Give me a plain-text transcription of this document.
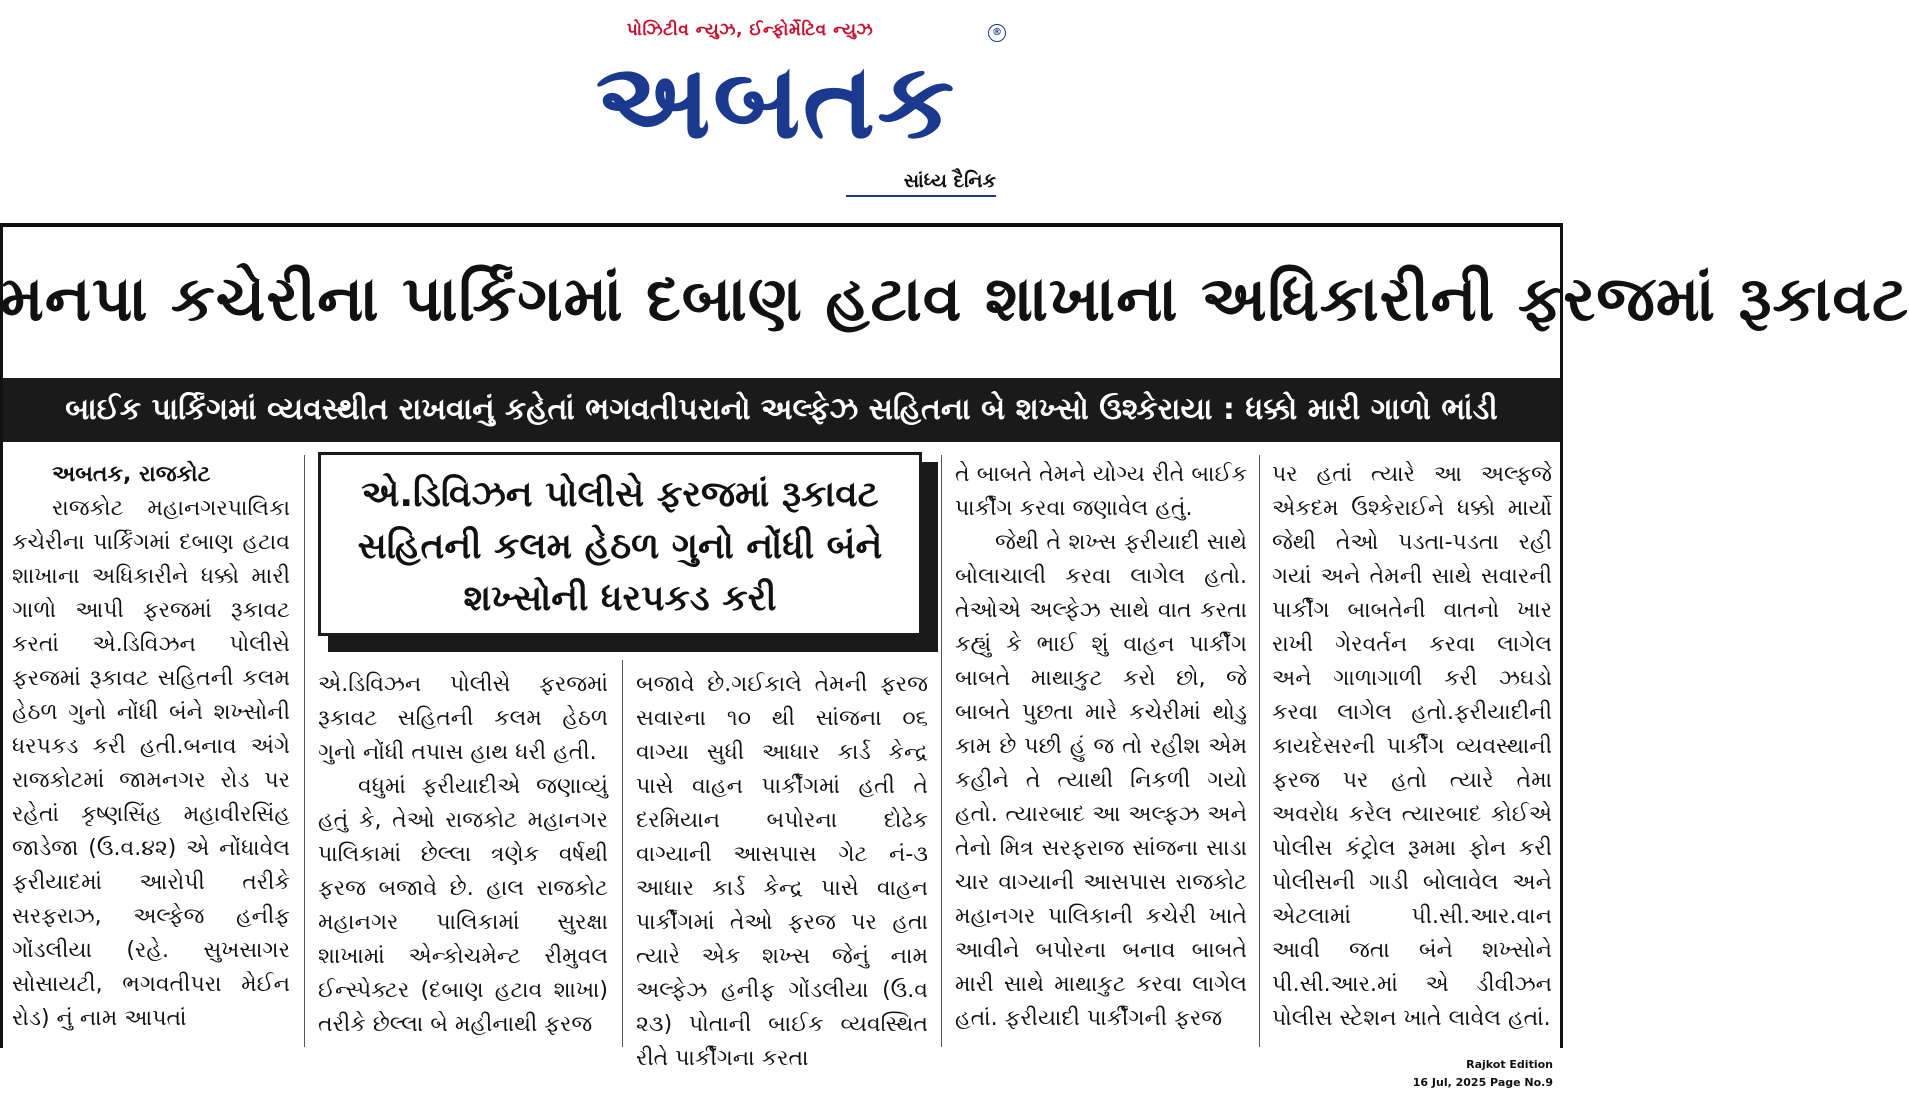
પોઝિટીવ ન્યુઝ, ઈન્ફોર્મેટિવ ન્યુઝ
અબતક
®
સાંધ્ય દૈનિક
મનપા કચેરીના પાર્કિંગમાં દબાણ હટાવ શાખાના અધિકારીની ફરજમાં રૂકાવટ
બાઈક પાર્કિંગમાં વ્યવસ્થીત રાખવાનું કહેતાં ભગવતીપરાનો અલ્ફેઝ સહિતના બે શખ્સો ઉશ્કેરાયા : ધક્કો મારી ગાળો ભાંડી
અબતક, રાજકોટ

રાજકોટ મહાનગરપાલિકા કચેરીના પાર્કિંગમાં દબાણ હટાવ શાખાના અધિકારીને ધક્કો મારી ગાળો આપી ફરજમાં રૂકાવટ કરતાં એ.ડિવિઝન પોલીસે ફરજમાં રૂકાવટ સહિતની કલમ હેઠળ ગુનો નોંધી બંને શખ્સોની ધરપકડ કરી હતી.બનાવ અંગે રાજકોટમાં જામનગર રોડ પર રહેતાં કૃષ્ણસિંહ મહાવીરસિંહ જાડેજા (ઉ.વ.૪૨) એ નોંધાવેલ ફરીયાદમાં આરોપી તરીકે સરફરાઝ, અલ્ફેજ હનીફ ગોંડલીયા (રહે. સુખસાગર સોસાયટી, ભગવતીપરા મેઈન રોડ) નું નામ આપતાં

એ.ડિવિઝન પોલીસે ફરજમાં રૂકાવટ સહિતની કલમ હેઠળ ગુનો નોંધી બંને શખ્સોની ધરપકડ કરી

એ.ડિવિઝન પોલીસે ફરજમાં રૂકાવટ સહિતની કલમ હેઠળ ગુનો નોંધી તપાસ હાથ ધરી હતી.

વધુમાં ફરીયાદીએ જણાવ્યું હતું કે, તેઓ રાજકોટ મહાનગર પાલિકામાં છેલ્લા ત્રણેક વર્ષથી ફરજ બજાવે છે. હાલ રાજકોટ મહાનગર પાલિકામાં સુરક્ષા શાખામાં એન્કોચમેન્ટ રીમુવલ ઈન્સ્પેક્ટર (દબાણ હટાવ શાખા) તરીકે છેલ્લા બે મહીનાથી ફરજ

બજાવે છે.ગઈકાલે તેમની ફરજ સવારના ૧૦ થી સાંજના ૦૬ વાગ્યા સુધી આધાર કાર્ડ કેન્દ્ર પાસે વાહન પાર્કીંગમાં હતી તે દરમિયાન બપોરના દોઢેક વાગ્યાની આસપાસ ગેટ નં-૩ આધાર કાર્ડ કેન્દ્ર પાસે વાહન પાર્કીંગમાં તેઓ ફરજ પર હતા ત્યારે એક શખ્સ જેનું નામ અલ્ફેઝ હનીફ ગોંડલીયા (ઉ.વ ૨૩) પોતાની બાઈક વ્યવસ્થિત રીતે પાર્કીંગના કરતા

તે બાબતે તેમને યોગ્ય રીતે બાઈક પાર્કીંગ કરવા જણાવેલ હતું.

જેથી તે શખ્સ ફરીયાદી સાથે બોલાચાલી કરવા લાગેલ હતો. તેઓએ અલ્ફેઝ સાથે વાત કરતા કહ્યું કે ભાઈ શું વાહન પાર્કીંગ બાબતે માથાકુટ કરો છો, જે બાબતે પુછતા મારે કચેરીમાં થોડુ કામ છે પછી હું જ તો રહીશ એમ કહીને તે ત્યાથી નિકળી ગયો હતો. ત્યારબાદ આ અલ્ફઝ અને તેનો મિત્ર સરફરાજ સાંજના સાડા ચાર વાગ્યાની આસપાસ રાજકોટ મહાનગર પાલિકાની કચેરી ખાતે આવીને બપોરના બનાવ બાબતે મારી સાથે માથાકુટ કરવા લાગેલ હતાં. ફરીયાદી પાર્કીંગની ફરજ

પર હતાં ત્યારે આ અલ્ફજે એકદમ ઉશ્કેરાઈને ધક્કો માર્યો જેથી તેઓ પડતા-પડતા રહી ગયાં અને તેમની સાથે સવારની પાર્કીંગ બાબતેની વાતનો ખાર રાખી ગેરવર્તન કરવા લાગેલ અને ગાળાગાળી કરી ઝઘડો કરવા લાગેલ હતો.ફરીયાદીની કાયદેસરની પાર્કીંગ વ્યવસ્થાની ફરજ પર હતો ત્યારે તેમા અવરોધ કરેલ ત્યારબાદ કોઈએ પોલીસ કંટ્રોલ રૂમમા ફોન કરી પોલીસની ગાડી બોલાવેલ અને એટલામાં પી.સી.આર.વાન આવી જતા બંને શખ્સોને પી.સી.આર.માં એ ડીવીઝન પોલીસ સ્ટેશન ખાતે લાવેલ હતાં.

Rajkot Edition
16 Jul, 2025 Page No.9
